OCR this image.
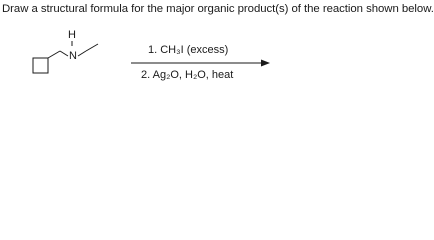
Draw a structural formula for the major organic product(s) of the reaction shown below.
H
N	1. CH₃I (excess)
2. Ag₂O, H₂O, heat
